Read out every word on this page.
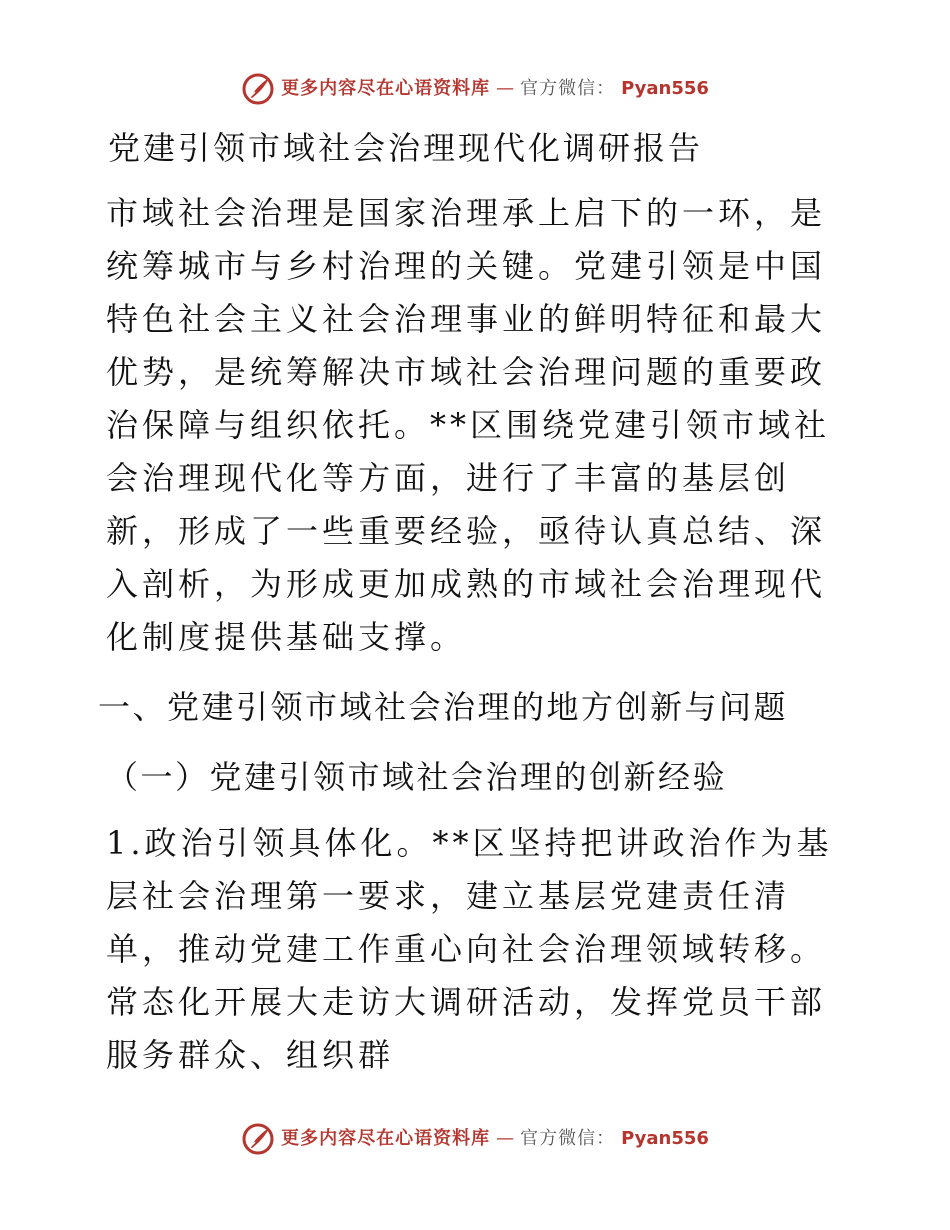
更多内容尽在心语资料库 — 官方微信： Pyan556
党建引领市域社会治理现代化调研报告

市域社会治理是国家治理承上启下的一环，是统筹城市与乡村治理的关键。党建引领是中国特色社会主义社会治理事业的鲜明特征和最大优势，是统筹解决市域社会治理问题的重要政治保障与组织依托。**区围绕党建引领市域社会治理现代化等方面，进行了丰富的基层创新，形成了一些重要经验，亟待认真总结、深入剖析，为形成更加成熟的市域社会治理现代化制度提供基础支撑。

一、党建引领市域社会治理的地方创新与问题

（一）党建引领市域社会治理的创新经验

1.政治引领具体化。**区坚持把讲政治作为基层社会治理第一要求，建立基层党建责任清单，推动党建工作重心向社会治理领域转移。常态化开展大走访大调研活动，发挥党员干部服务群众、组织群

更多内容尽在心语资料库 — 官方微信： Pyan556
